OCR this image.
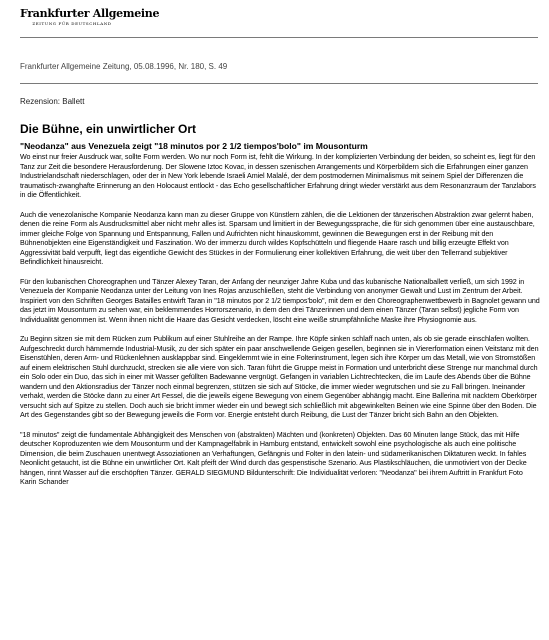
Frankfurter Allgemeine
ZEITUNG FÜR DEUTSCHLAND
Frankfurter Allgemeine Zeitung, 05.08.1996, Nr. 180, S. 49
Rezension: Ballett
Die Bühne, ein unwirtlicher Ort
"Neodanza" aus Venezuela zeigt "18 minutos por 2 1/2 tiempos'bolo" im Mousonturm

Wo einst nur freier Ausdruck war, sollte Form werden. Wo nur noch Form ist, fehlt die Wirkung. In der komplizierten Verbindung der beiden, so scheint es, liegt für den Tanz zur Zeit die besondere Herausforderung. Der Slowene Iztoc Kovac, in dessen szenischen Arrangements und Körperbildern sich die Erfahrungen einer ganzen Industrielandschaft niederschlagen, oder der in New York lebende Israeli Amiel Malalé, der dem postmodernen Minimalismus mit seinem Spiel der Differenzen die traumatisch-zwanghafte Erinnerung an den Holocaust entlockt - das Echo gesellschaftlicher Erfahrung dringt wieder verstärkt aus dem Resonanzraum der Tanzlabors in die Öffentlichkeit.

Auch die venezolanische Kompanie Neodanza kann man zu dieser Gruppe von Künstlern zählen, die die Lektionen der tänzerischen Abstraktion zwar gelernt haben, denen die reine Form als Ausdrucksmittel aber nicht mehr alles ist. Sparsam und limitiert in der Bewegungssprache, die für sich genommen über eine austauschbare, immer gleiche Folge von Spannung und Entspannung, Fallen und Aufrichten nicht hinauskommt, gewinnen die Bewegungen erst in der Reibung mit den Bühnenobjekten eine Eigenständigkeit und Faszination. Wo der immerzu durch wildes Kopfschütteln und fliegende Haare rasch und billig erzeugte Effekt von Aggressivität bald verpufft, liegt das eigentliche Gewicht des Stückes in der Formulierung einer kollektiven Erfahrung, die weit über den Tellerrand subjektiver Befindlichkeit hinausreicht.

Für den kubanischen Choreographen und Tänzer Alexey Taran, der Anfang der neunziger Jahre Kuba und das kubanische Nationalballett verließ, um sich 1992 in Venezuela der Kompanie Neodanza unter der Leitung von Ines Rojas anzuschließen, steht die Verbindung von anonymer Gewalt und Lust im Zentrum der Arbeit. Inspiriert von den Schriften Georges Batailles entwirft Taran in "18 minutos por 2 1/2 tiempos'bolo", mit dem er den Choreographenwettbewerb in Bagnolet gewann und das jetzt im Mousonturm zu sehen war, ein beklemmendes Horrorszenario, in dem den drei Tänzerinnen und dem einen Tänzer (Taran selbst) jegliche Form von Individualität genommen ist. Wenn ihnen nicht die Haare das Gesicht verdecken, löscht eine weiße strumpfähnliche Maske ihre Physiognomie aus.

Zu Beginn sitzen sie mit dem Rücken zum Publikum auf einer Stuhlreihe an der Rampe. Ihre Köpfe sinken schlaff nach unten, als ob sie gerade einschlafen wollten. Aufgeschreckt durch hämmernde Industrial-Musik, zu der sich später ein paar anschwellende Geigen gesellen, beginnen sie in Viererformation einen Veitstanz mit den Eisenstühlen, deren Arm- und Rückenlehnen ausklappbar sind. Eingeklemmt wie in eine Folterinstrument, legen sich ihre Körper um das Metall, wie von Stromstößen auf einem elektrischen Stuhl durchzuckt, strecken sie alle viere von sich. Taran führt die Gruppe meist in Formation und unterbricht diese Strenge nur manchmal durch ein Solo oder ein Duo, das sich in einer mit Wasser gefüllten Badewanne vergnügt. Gefangen in variablen Lichtrechtecken, die im Laufe des Abends über die Bühne wandern und den Aktionsradius der Tänzer noch einmal begrenzen, stützen sie sich auf Stöcke, die immer wieder wegrutschen und sie zu Fall bringen. Ineinander verhakt, werden die Stöcke dann zu einer Art Fessel, die die jeweils eigene Bewegung von einem Gegenüber abhängig macht. Eine Ballerina mit nacktem Oberkörper versucht sich auf Spitze zu stellen. Doch auch sie bricht immer wieder ein und bewegt sich schließlich mit abgewinkelten Beinen wie eine Spinne über den Boden. Die Art des Gegenstandes gibt so der Bewegung jeweils die Form vor. Energie entsteht durch Reibung, die Lust der Tänzer bricht sich Bahn an den Objekten.

"18 minutos" zeigt die fundamentale Abhängigkeit des Menschen von (abstrakten) Mächten und (konkreten) Objekten. Das 60 Minuten lange Stück, das mit Hilfe deutscher Koproduzenten wie dem Mousonturm und der Kampnagelfabrik in Hamburg entstand, entwickelt sowohl eine psychologische als auch eine politische Dimension, die beim Zuschauen unentwegt Assoziationen an Verhaftungen, Gefängnis und Folter in den latein- und südamerikanischen Diktaturen weckt. In fahles Neonlicht getaucht, ist die Bühne ein unwirtlicher Ort. Kalt pfeift der Wind durch das gespenstische Szenario. Aus Plastikschläuchen, die unmotiviert von der Decke hängen, rinnt Wasser auf die erschöpften Tänzer. GERALD SIEGMUND Bildunterschrift: Die Individualität verloren: "Neodanza" bei ihrem Auftritt in Frankfurt Foto Karin Schander
